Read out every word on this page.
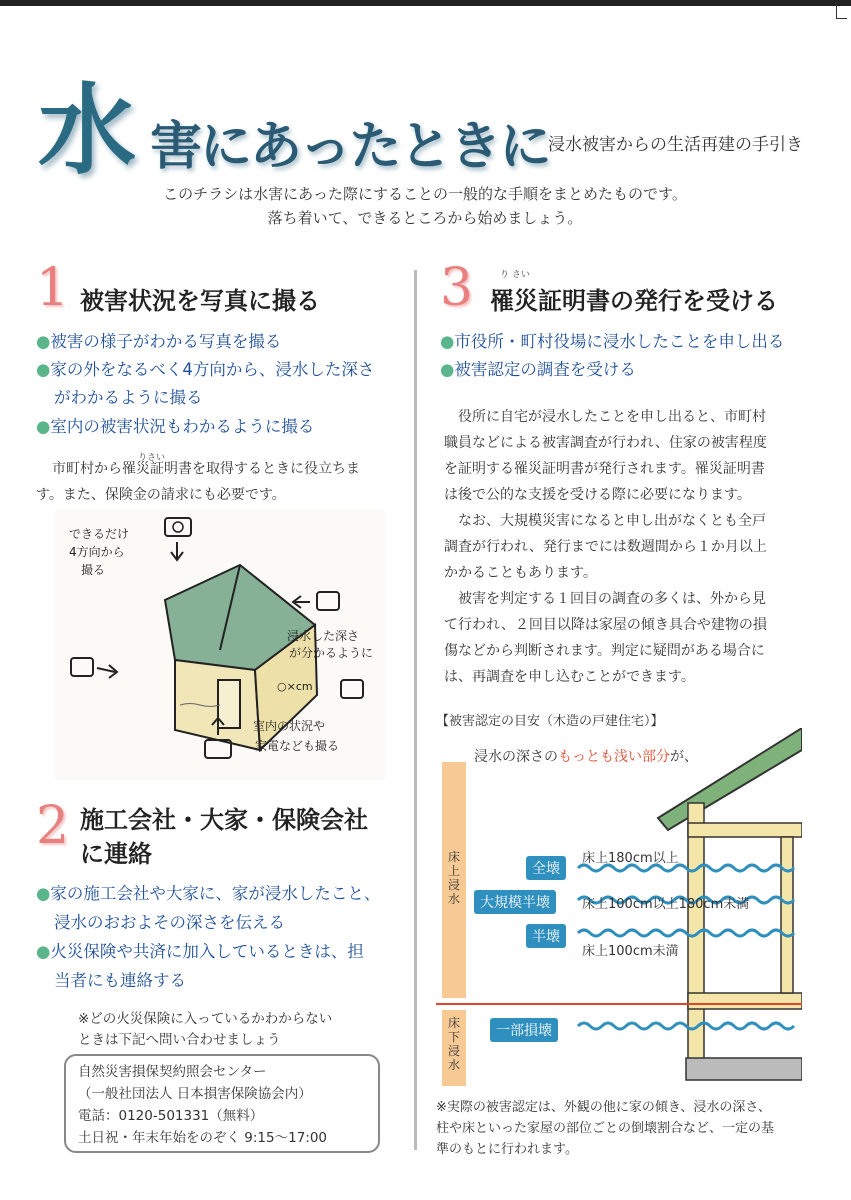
水 害にあったときに
浸水被害からの生活再建の手引き
このチラシは水害にあった際にすることの一般的な手順をまとめたものです。
落ち着いて、できるところから始めましょう。
1 被害状況を写真に撮る
●被害の様子がわかる写真を撮る
●家の外をなるべく4方向から、浸水した深さ
がわかるように撮る
●室内の被害状況もわかるように撮る
りさい
市町村から罹災証明書を取得するときに役立ちま
す。また、保険金の請求にも必要です。
できるだけ
4方向から
撮る
浸水した深さ
が分かるように
○×cm
室内の状況や
家電なども撮る
2 施工会社・大家・保険会社
に連絡
●家の施工会社や大家に、家が浸水したこと、
浸水のおおよその深さを伝える
●火災保険や共済に加入しているときは、担
当者にも連絡する
※どの火災保険に入っているかわからない
ときは下記へ問い合わせましょう
自然災害損保契約照会センター
（一般社団法人 日本損害保険協会内）
電話：0120-501331（無料）
土日祝・年末年始をのぞく 9:15〜17:00
3	り さい
罹災証明書の発行を受ける
●市役所・町村役場に浸水したことを申し出る
●被害認定の調査を受ける
　役所に自宅が浸水したことを申し出ると、市町村
職員などによる被害調査が行われ、住家の被害程度
を証明する罹災証明書が発行されます。罹災証明書
は後で公的な支援を受ける際に必要になります。
　なお、大規模災害になると申し出がなくとも全戸
調査が行われ、発行までには数週間から１か月以上
かかることもあります。
　被害を判定する１回目の調査の多くは、外から見
て行われ、２回目以降は家屋の傾き具合や建物の損
傷などから判断されます。判定に疑問がある場合に
は、再調査を申し込むことができます。
【被害認定の目安（木造の戸建住宅）】
浸水の深さのもっとも浅い部分が、
床
上
浸
水
床
下
浸
水
全壊
床上180cm以上
大規模半壊	床上100cm以上180cm未満
半壊
床上100cm未満
一部損壊
※実際の被害認定は、外観の他に家の傾き、浸水の深さ、
柱や床といった家屋の部位ごとの倒壊割合など、一定の基
準のもとに行われます。
